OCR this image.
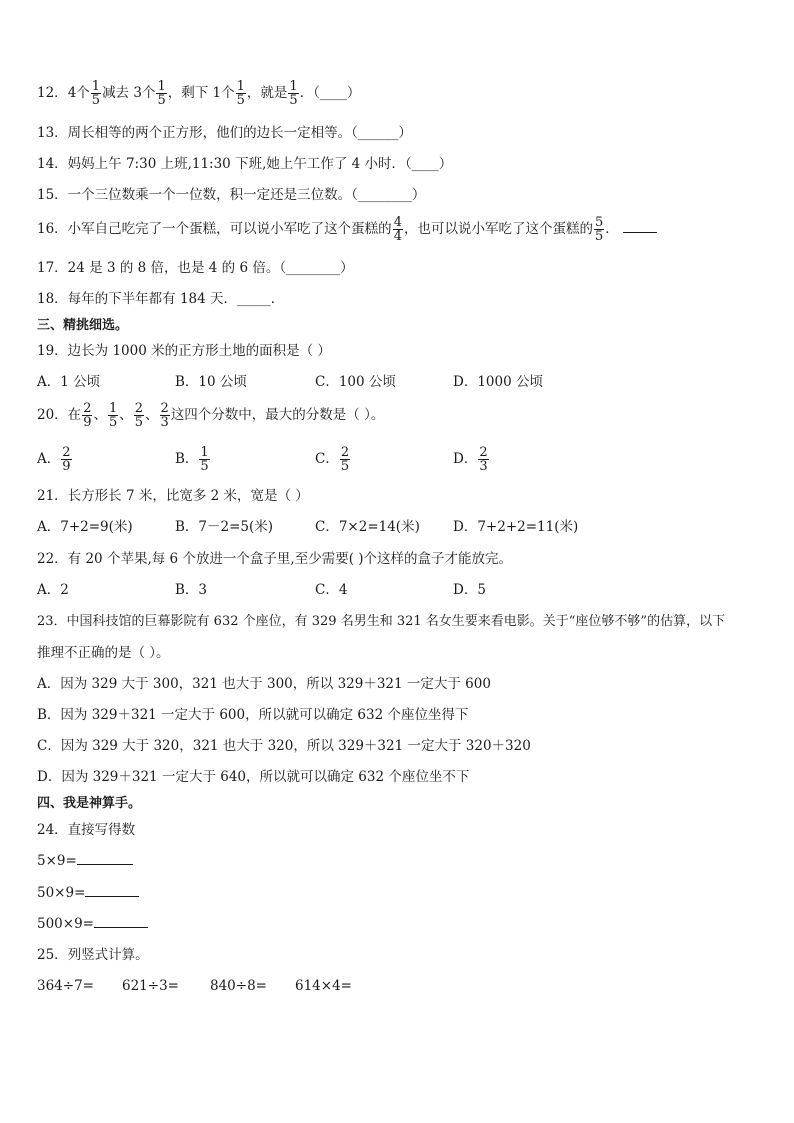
12．4个 $\frac{1}{5}$ 减去 3个 $\frac{1}{5}$ ，剩下 1个 $\frac{1}{5}$ ，就是 $\frac{1}{5}$ ．（____）
13．周长相等的两个正方形，他们的边长一定相等。（______）
14．妈妈上午 7:30 上班,11:30 下班,她上午工作了 4 小时．（____）
15．一个三位数乘一个一位数，积一定还是三位数。（________）
16．小军自己吃完了一个蛋糕，可以说小军吃了这个蛋糕的 $\frac{4}{4}$ ，也可以说小军吃了这个蛋糕的 $\frac{5}{5}$ ．
17．24 是 3 的 8 倍，也是 4 的 6 倍。（________）
18．每年的下半年都有 184 天．_____．
三、精挑细选。
19．边长为 1000 米的正方形土地的面积是（ ）
A．1 公顷	B．10 公顷	C．100 公顷	D．1000 公顷
20．在 $\frac{2}{9}$ 、 $\frac{1}{5}$ 、 $\frac{2}{5}$ 、 $\frac{2}{3}$ 这四个分数中，最大的分数是（ ）。
A． $\frac{2}{9}$	B． $\frac{1}{5}$	C． $\frac{2}{5}$	D． $\frac{2}{3}$
21．长方形长 7 米，比宽多 2 米，宽是（ ）
A．7+2=9(米)	B．7－2=5(米)	C．7×2=14(米) D．7+2+2=11(米)
22．有 20 个苹果,每 6 个放进一个盒子里,至少需要( )个这样的盒子才能放完。
A．2	B．3	C．4	D．5
23．中国科技馆的巨幕影院有 632 个座位，有 329 名男生和 321 名女生要来看电影。关于“座位够不够”的估算，以下
推理不正确的是（ ）。
A．因为 329 大于 300，321 也大于 300，所以 329＋321 一定大于 600
B．因为 329＋321 一定大于 600，所以就可以确定 632 个座位坐得下
C．因为 329 大于 320，321 也大于 320，所以 329＋321 一定大于 320＋320
D．因为 329＋321 一定大于 640，所以就可以确定 632 个座位坐不下
四、我是神算手。
24．直接写得数
5×9=
50×9=
500×9=
25．列竖式计算。
364÷7= 621÷3= 840÷8= 614×4=
